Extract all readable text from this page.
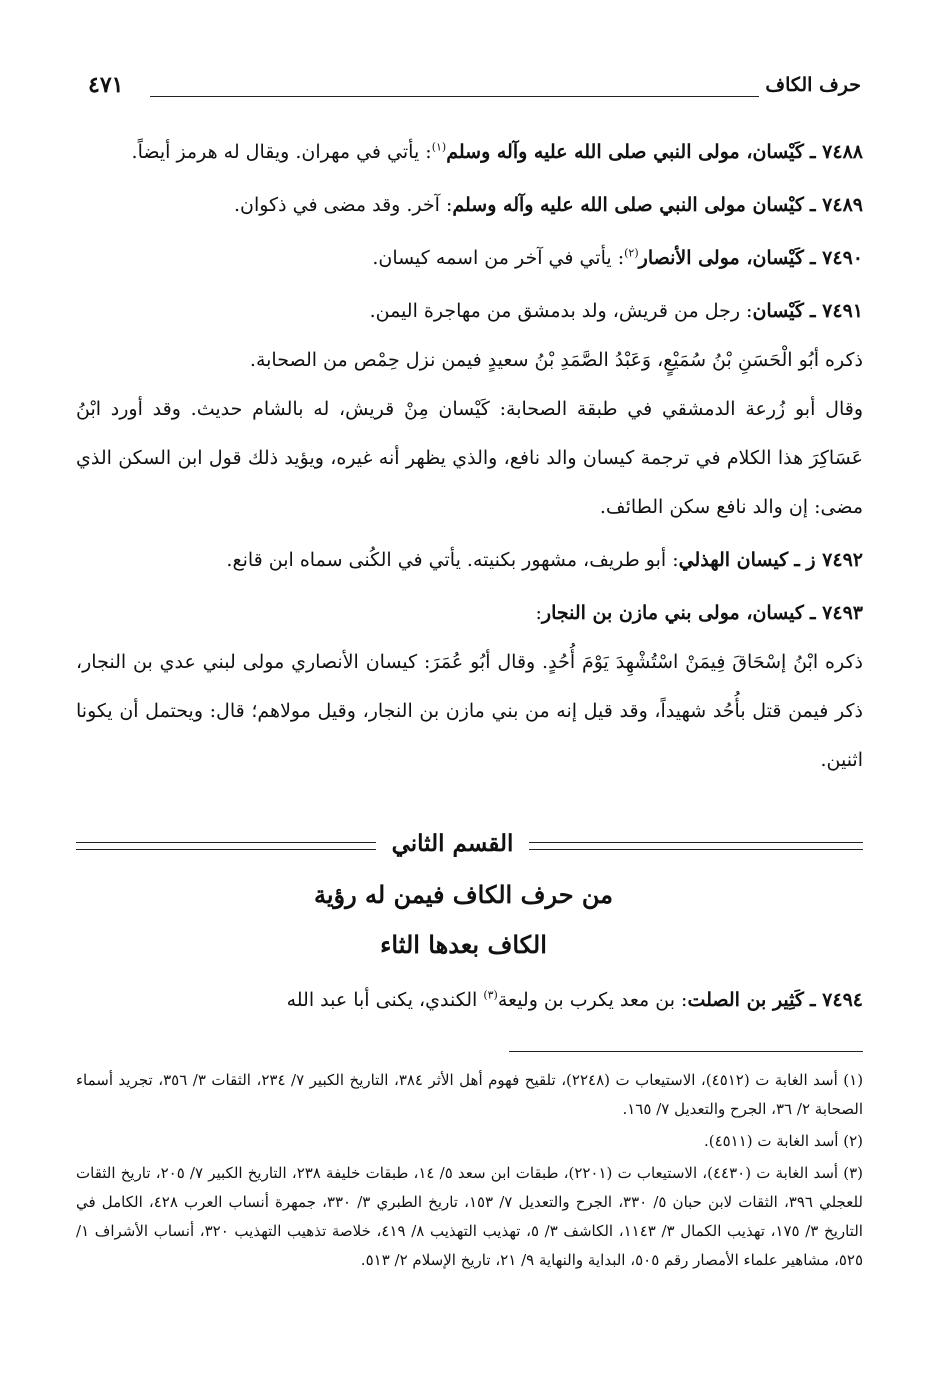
حرف الكاف
٤٧١

٧٤٨٨ ـ كَيْسان، مولى النبي صلى الله عليه وآله وسلم$^{(١)}$: يأتي في مهران. ويقال له هرمز أيضاً.

٧٤٨٩ ـ كيْسان مولى النبي صلى الله عليه وآله وسلم: آخر. وقد مضى في ذكوان.

٧٤٩٠ ـ كَيْسان، مولى الأنصار$^{(٢)}$: يأتي في آخر من اسمه كيسان.

٧٤٩١ ـ كَيْسان: رجل من قريش، ولد بدمشق من مهاجرة اليمن.

ذكره أبُو الْحَسَنِ بْنُ سُمَيْعٍ، وَعَبْدُ الصَّمَدِ بْنُ سعيدٍ فيمن نزل حِمْص من الصحابة.

وقال أبو زُرعة الدمشقي في طبقة الصحابة: كَيْسان مِنْ قريش، له بالشام حديث. وقد أورد ابْنُ عَسَاكِرَ هذا الكلام في ترجمة كيسان والد نافع، والذي يظهر أنه غيره، ويؤيد ذلك قول ابن السكن الذي مضى: إن والد نافع سكن الطائف.

٧٤٩٢ ز ـ كيسان الهذلي: أبو طريف، مشهور بكنيته. يأتي في الكُنى سماه ابن قانع.

٧٤٩٣ ـ كيسان، مولى بني مازن بن النجار:

ذكره ابْنُ إسْحَاقَ فِيمَنْ اسْتُشْهِدَ يَوْمَ أُحُدٍ. وقال أبُو عُمَرَ: كيسان الأنصاري مولى لبني عدي بن النجار، ذكر فيمن قتل بأُحُد شهيداً، وقد قيل إنه من بني مازن بن النجار، وقيل مولاهم؛ قال: ويحتمل أن يكونا اثنين.

القسم الثاني
من حرف الكاف فيمن له رؤية
الكاف بعدها الثاء
٧٤٩٤ ـ كَثِير بن الصلت: بن معد يكرب بن وليعة$^{(٣)}$ الكندي، يكنى أبا عبد الله

(١) أسد الغابة ت (٤٥١٢)، الاستيعاب ت (٢٢٤٨)، تلقيح فهوم أهل الأثر ٣٨٤، التاريخ الكبير ٧/ ٢٣٤، الثقات ٣/ ٣٥٦، تجريد أسماء الصحابة ٢/ ٣٦، الجرح والتعديل ٧/ ١٦٥.

(٢) أسد الغابة ت (٤٥١١).

(٣) أسد الغابة ت (٤٤٣٠)، الاستيعاب ت (٢٢٠١)، طبقات ابن سعد ٥/ ١٤، طبقات خليفة ٢٣٨، التاريخ الكبير ٧/ ٢٠٥، تاريخ الثقات للعجلي ٣٩٦، الثقات لابن حبان ٥/ ٣٣٠، الجرح والتعديل ٧/ ١٥٣، تاريخ الطبري ٣/ ٣٣٠، جمهرة أنساب العرب ٤٢٨، الكامل في التاريخ ٣/ ١٧٥، تهذيب الكمال ٣/ ١١٤٣، الكاشف ٣/ ٥، تهذيب التهذيب ٨/ ٤١٩، خلاصة تذهيب التهذيب ٣٢٠، أنساب الأشراف ١/ ٥٢٥، مشاهير علماء الأمصار رقم ٥٠٥، البداية والنهاية ٩/ ٢١، تاريخ الإسلام ٢/ ٥١٣.
